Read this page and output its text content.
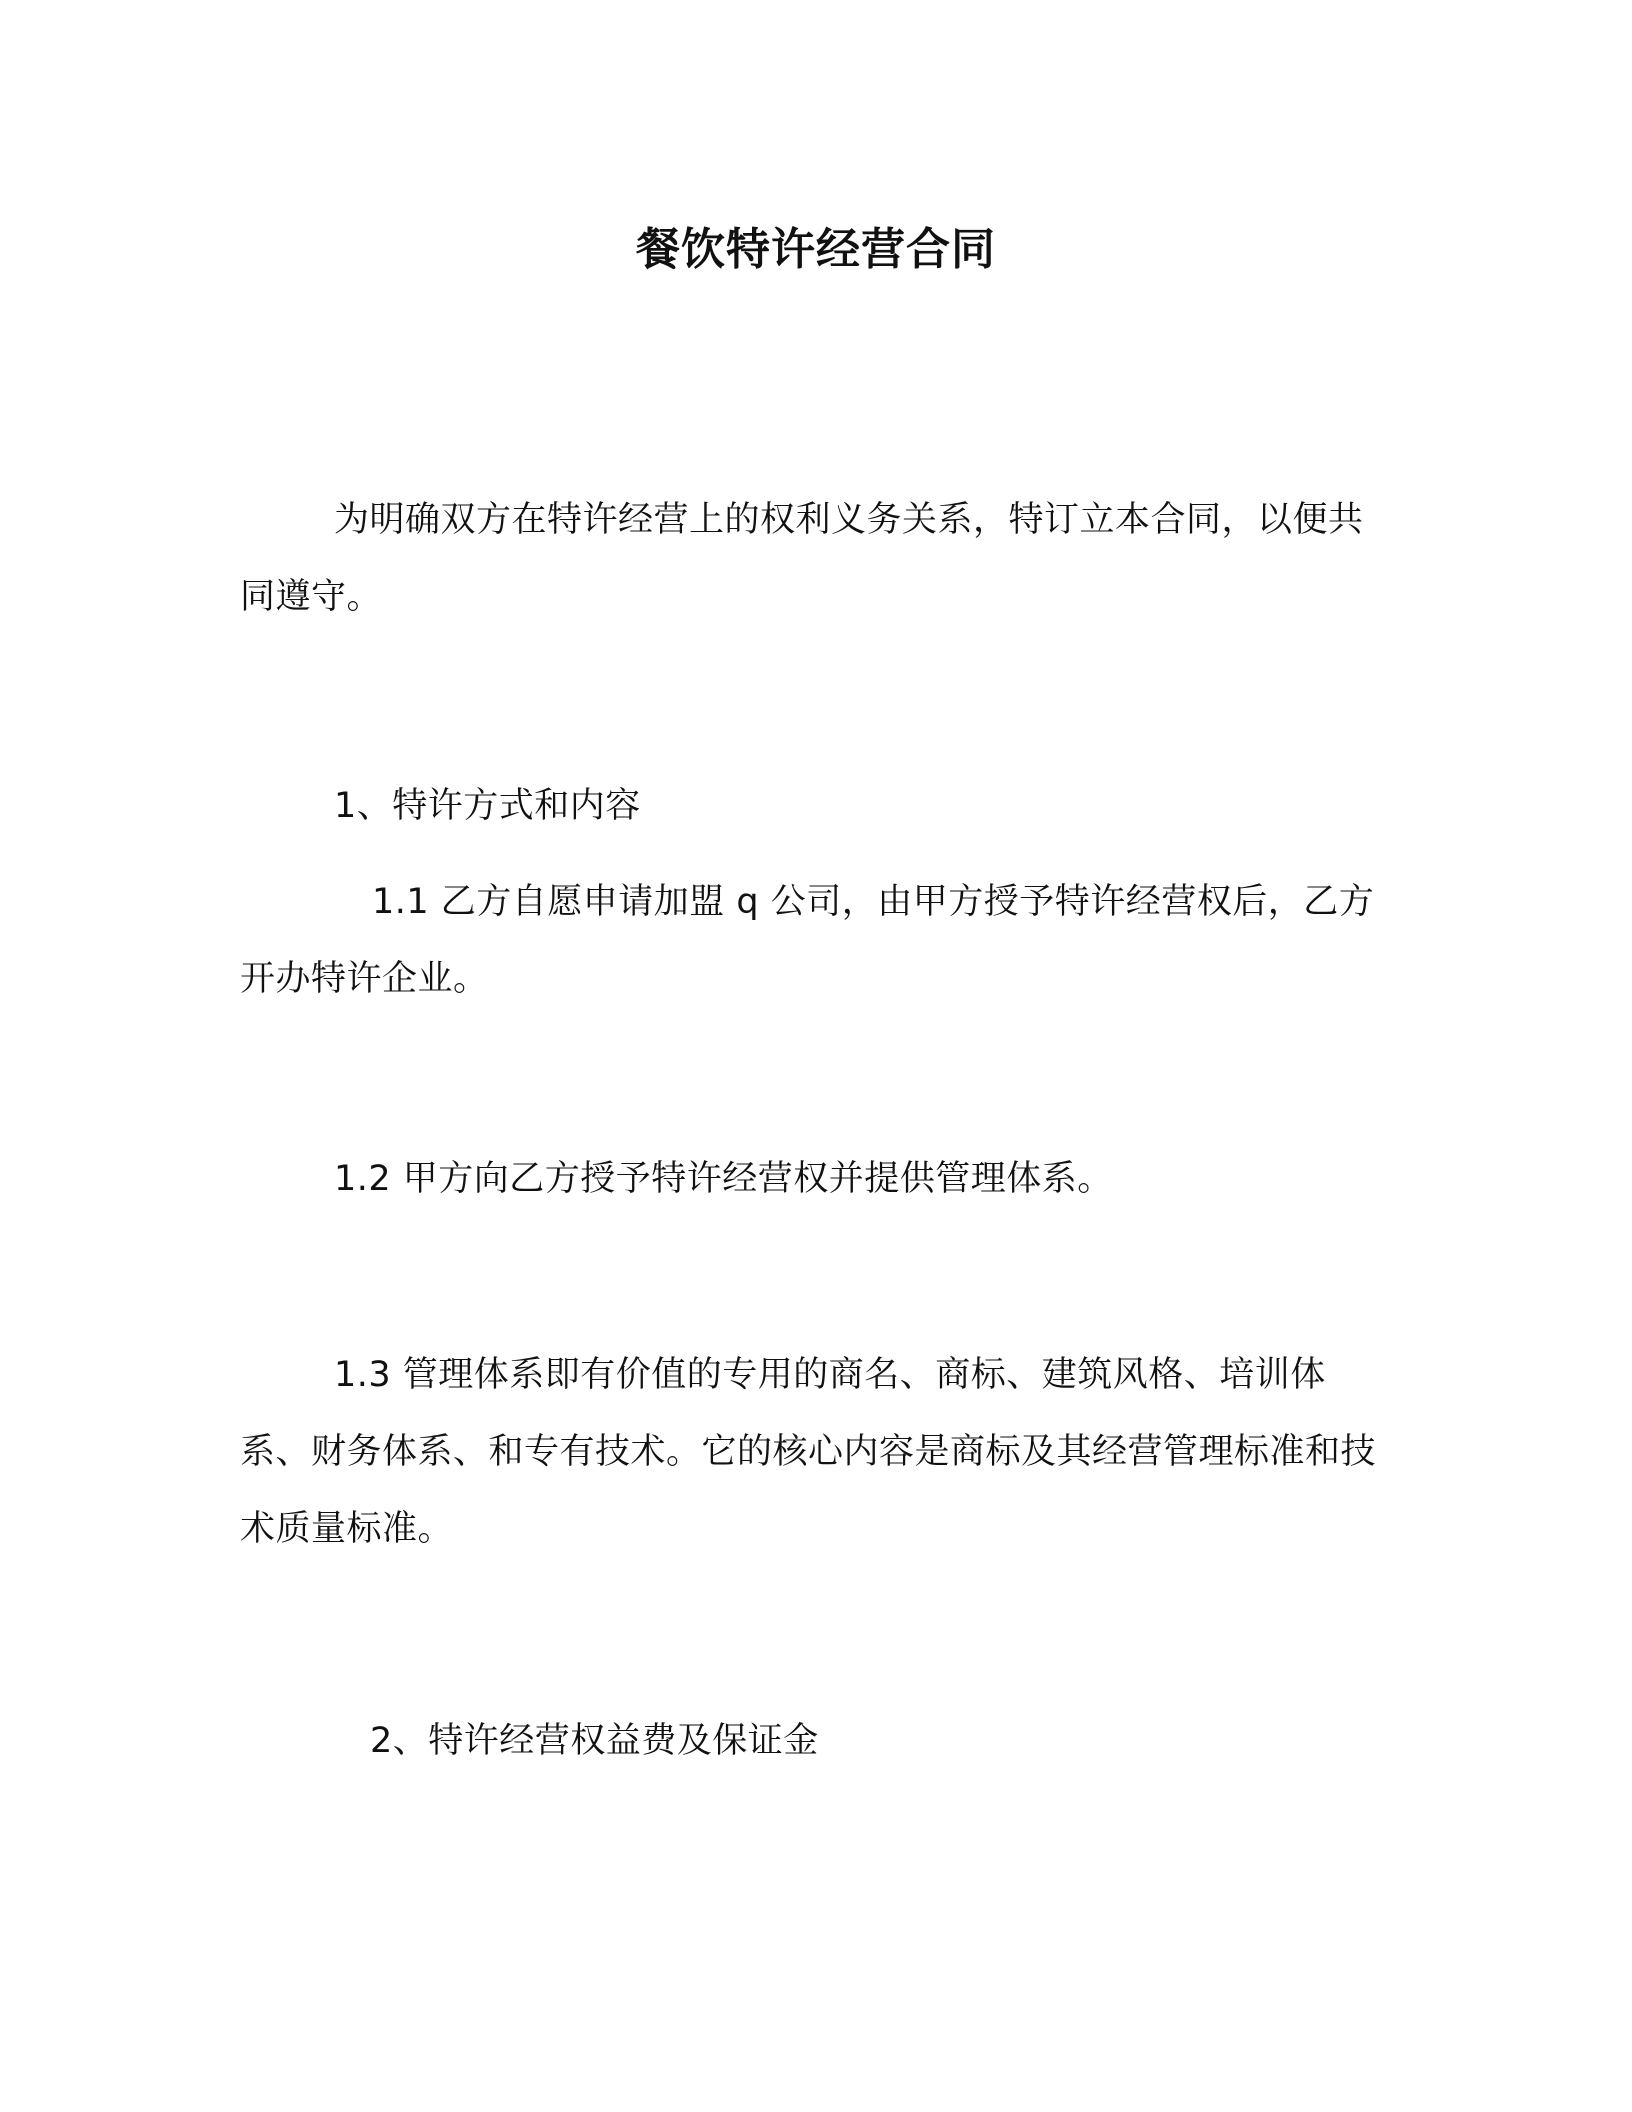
餐饮特许经营合同

为明确双方在特许经营上的权利义务关系，特订立本合同，以便共同遵守。

1、特许方式和内容

1.1 乙方自愿申请加盟 q 公司，由甲方授予特许经营权后，乙方开办特许企业。

1.2 甲方向乙方授予特许经营权并提供管理体系。

1.3 管理体系即有价值的专用的商名、商标、建筑风格、培训体系、财务体系、和专有技术。它的核心内容是商标及其经营管理标准和技术质量标准。

2、特许经营权益费及保证金
